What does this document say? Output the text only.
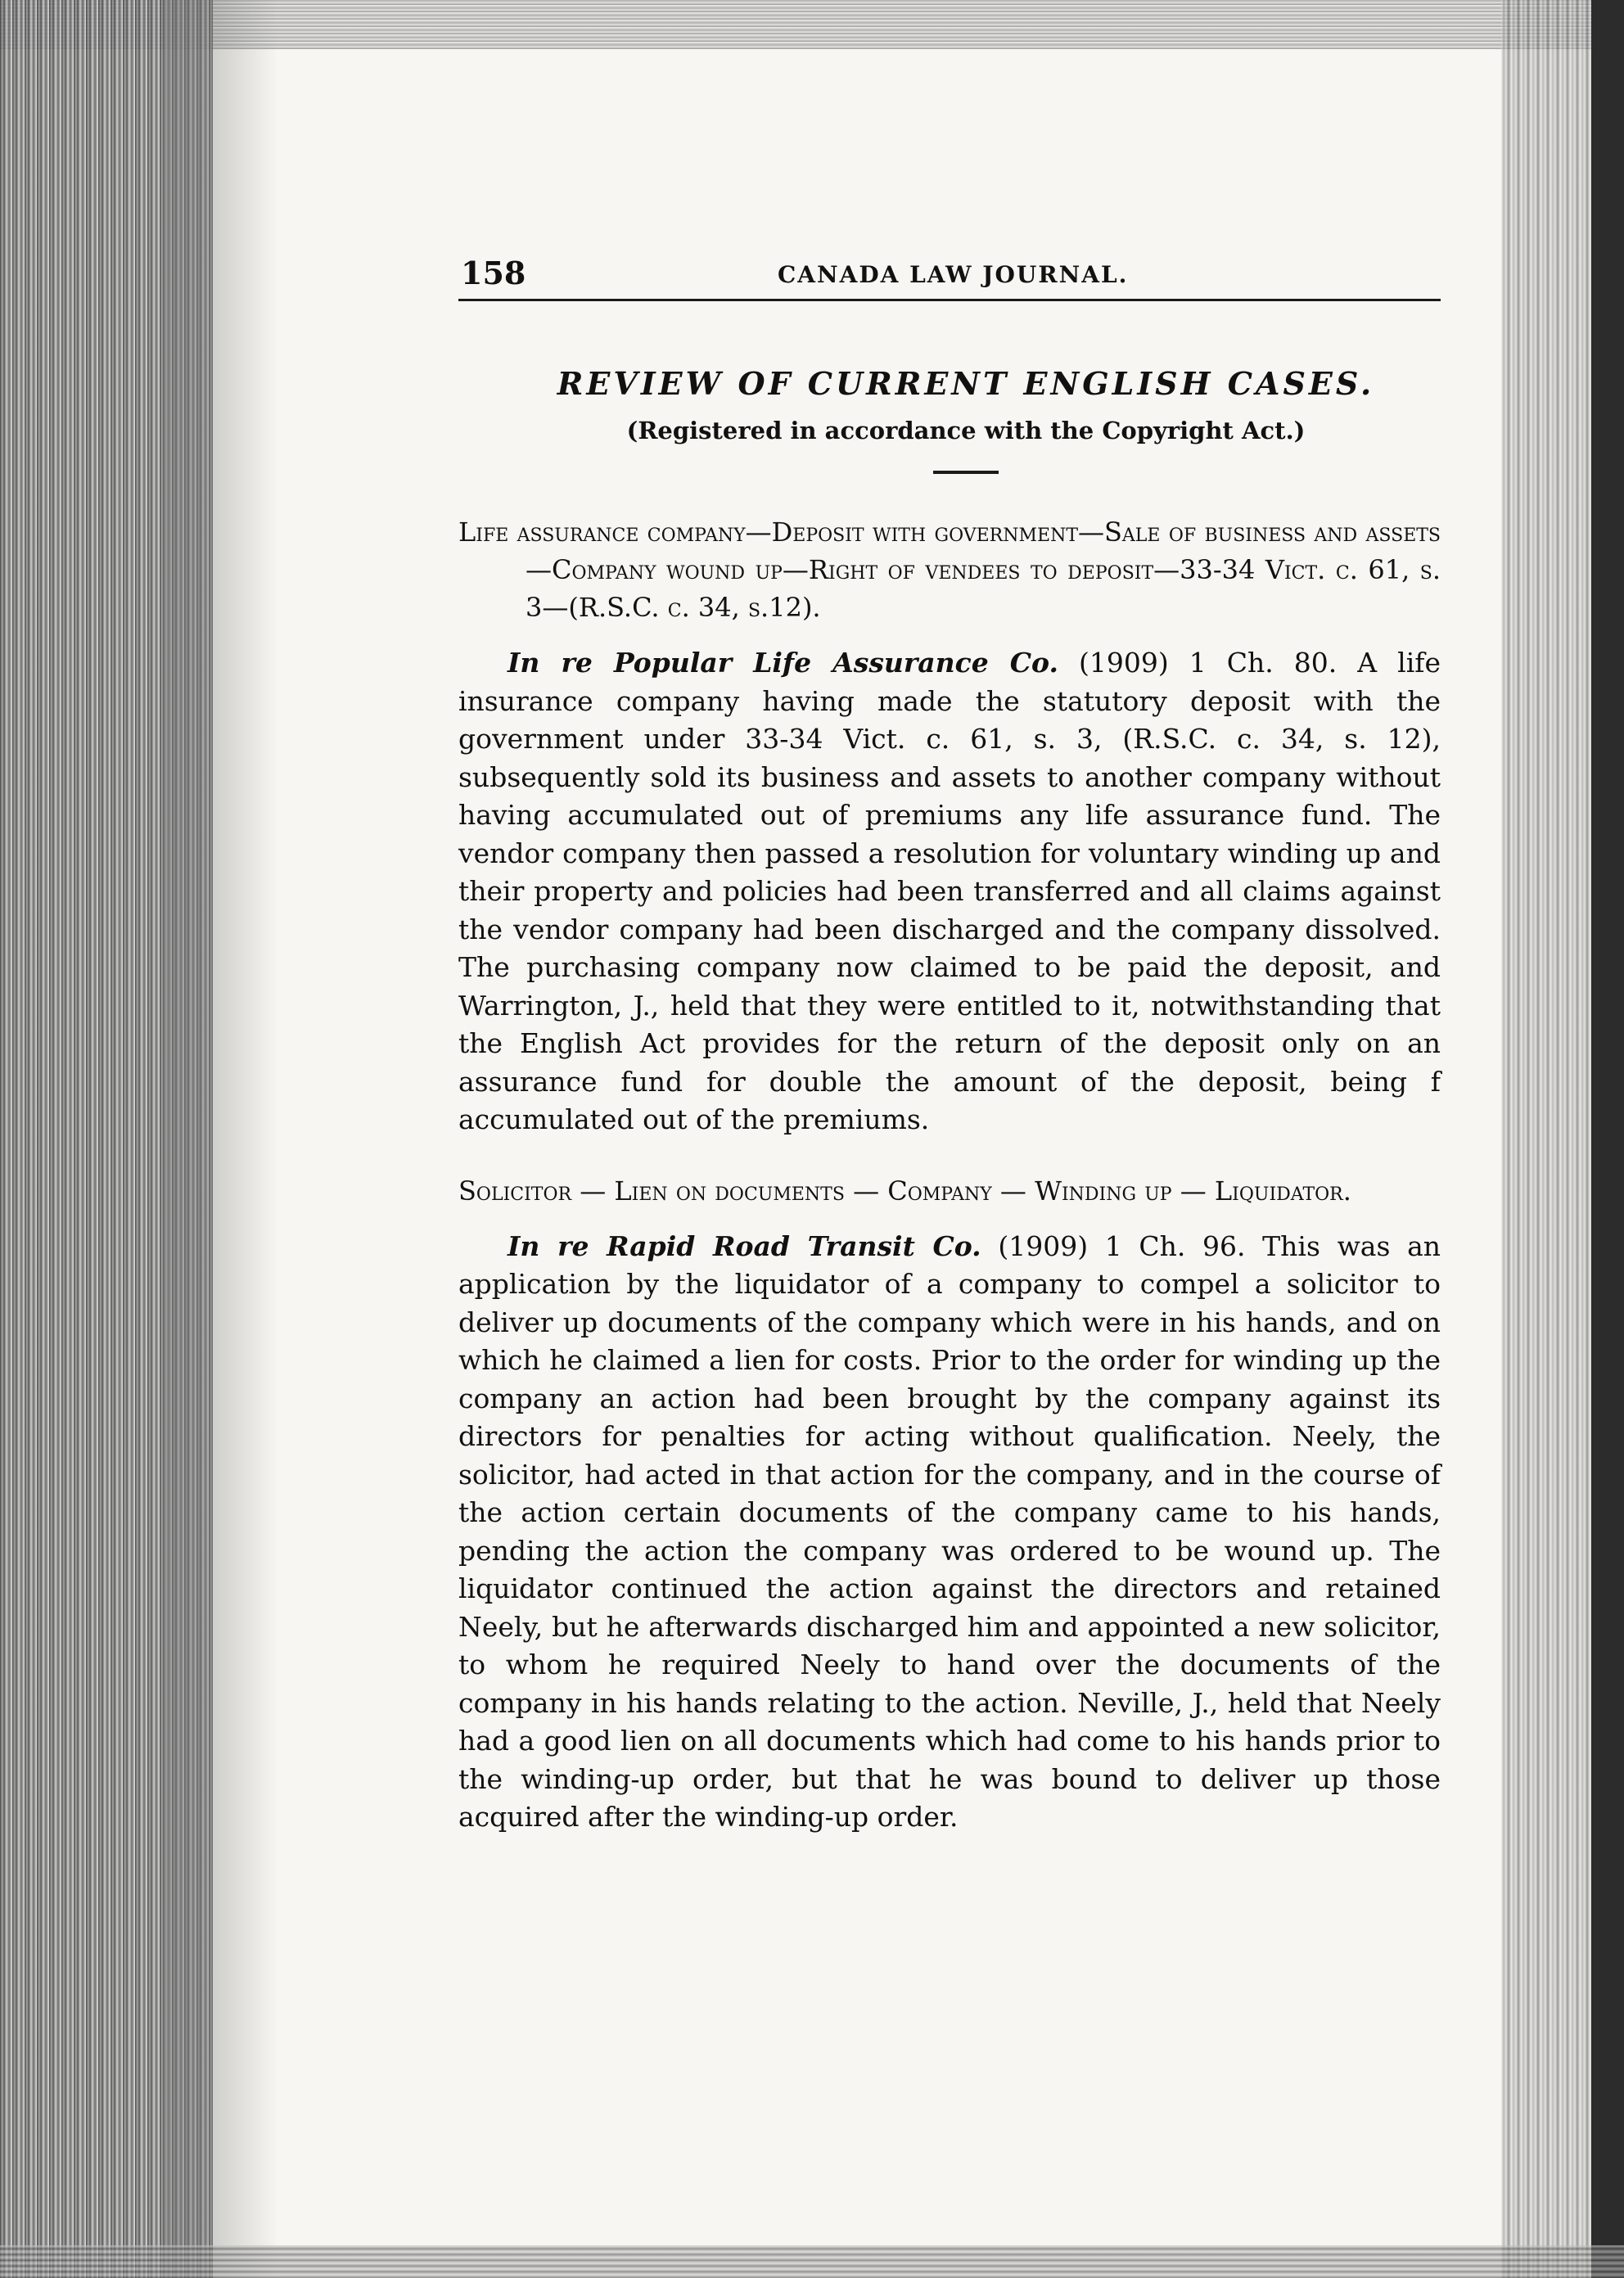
158	CANADA LAW JOURNAL.
REVIEW OF CURRENT ENGLISH CASES.
(Registered in accordance with the Copyright Act.)
Life assurance company—Deposit with government—Sale of business and assets—Company wound up—Right of vendees to deposit—33-34 Vict. c. 61, s. 3—(R.S.C. c. 34, s.12).

In re Popular Life Assurance Co. (1909) 1 Ch. 80. A life insurance company having made the statutory deposit with the government under 33-34 Vict. c. 61, s. 3, (R.S.C. c. 34, s. 12), subsequently sold its business and assets to another company without having accumulated out of premiums any life assurance fund. The vendor company then passed a resolution for voluntary winding up and their property and policies had been transferred and all claims against the vendor company had been discharged and the company dissolved. The purchasing company now claimed to be paid the deposit, and Warrington, J., held that they were entitled to it, notwithstanding that the English Act provides for the return of the deposit only on an assurance fund for double the amount of the deposit, being f accumulated out of the premiums.

Solicitor — Lien on documents — Company — Winding up — Liquidator.

In re Rapid Road Transit Co. (1909) 1 Ch. 96. This was an application by the liquidator of a company to compel a solicitor to deliver up documents of the company which were in his hands, and on which he claimed a lien for costs. Prior to the order for winding up the company an action had been brought by the company against its directors for penalties for acting without qualification. Neely, the solicitor, had acted in that action for the company, and in the course of the action certain documents of the company came to his hands, pending the action the company was ordered to be wound up. The liquidator continued the action against the directors and retained Neely, but he afterwards discharged him and appointed a new solicitor, to whom he required Neely to hand over the documents of the company in his hands relating to the action. Neville, J., held that Neely had a good lien on all documents which had come to his hands prior to the winding-up order, but that he was bound to deliver up those acquired after the winding-up order.
